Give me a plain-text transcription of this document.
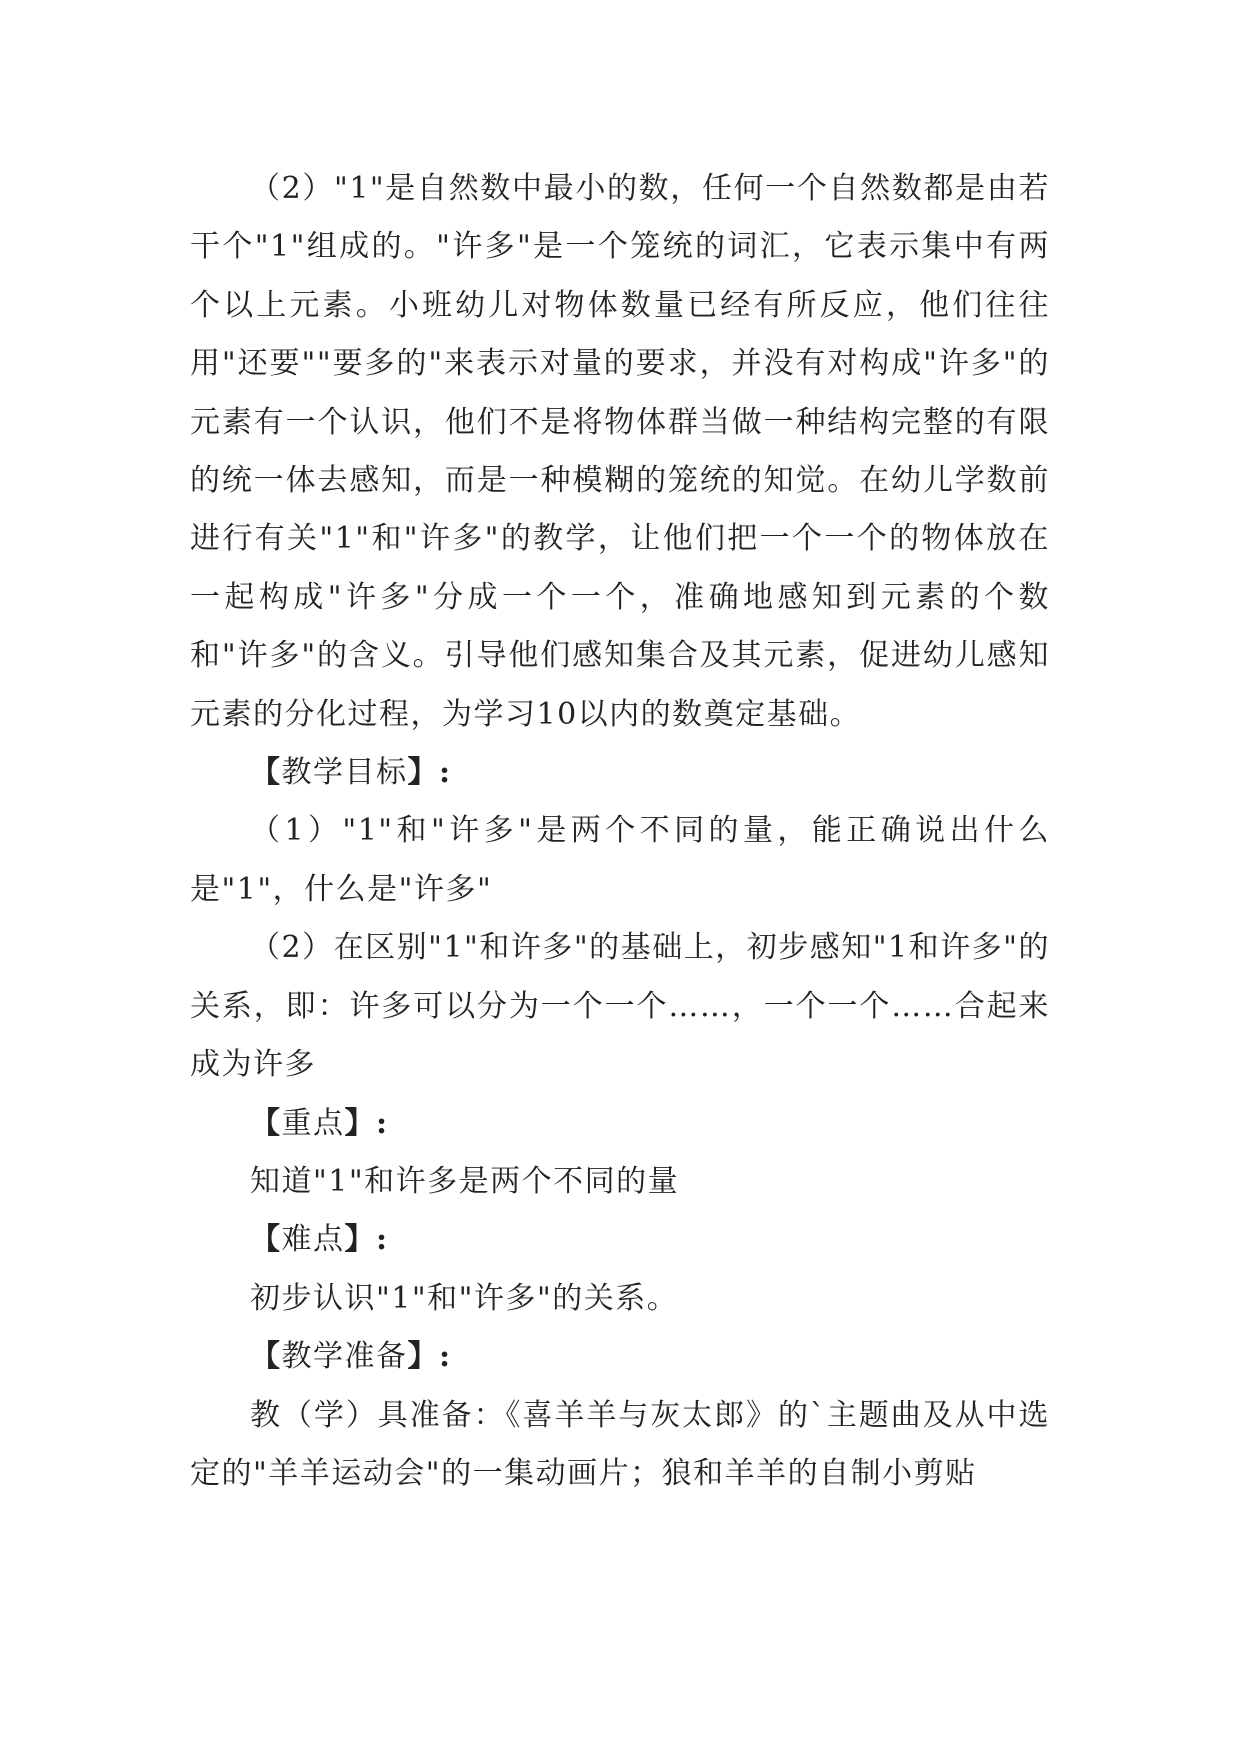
（2）"1"是自然数中最小的数，任何一个自然数都是由若干个"1"组成的。"许多"是一个笼统的词汇，它表示集中有两个以上元素。小班幼儿对物体数量已经有所反应，他们往往用"还要""要多的"来表示对量的要求，并没有对构成"许多"的元素有一个认识，他们不是将物体群当做一种结构完整的有限的统一体去感知，而是一种模糊的笼统的知觉。在幼儿学数前进行有关"1"和"许多"的教学，让他们把一个一个的物体放在一起构成"许多"分成一个一个，准确地感知到元素的个数和"许多"的含义。引导他们感知集合及其元素，促进幼儿感知元素的分化过程，为学习10以内的数奠定基础。

【教学目标】:

（1）"1"和"许多"是两个不同的量，能正确说出什么是"1"，什么是"许多"

（2）在区别"1"和许多"的基础上，初步感知"1和许多"的关系，即：许多可以分为一个一个……，一个一个……合起来成为许多

【重点】:

知道"1"和许多是两个不同的量

【难点】:

初步认识"1"和"许多"的关系。

【教学准备】:

教（学）具准备：《喜羊羊与灰太郎》的`主题曲及从中选定的"羊羊运动会"的一集动画片；狼和羊羊的自制小剪贴
